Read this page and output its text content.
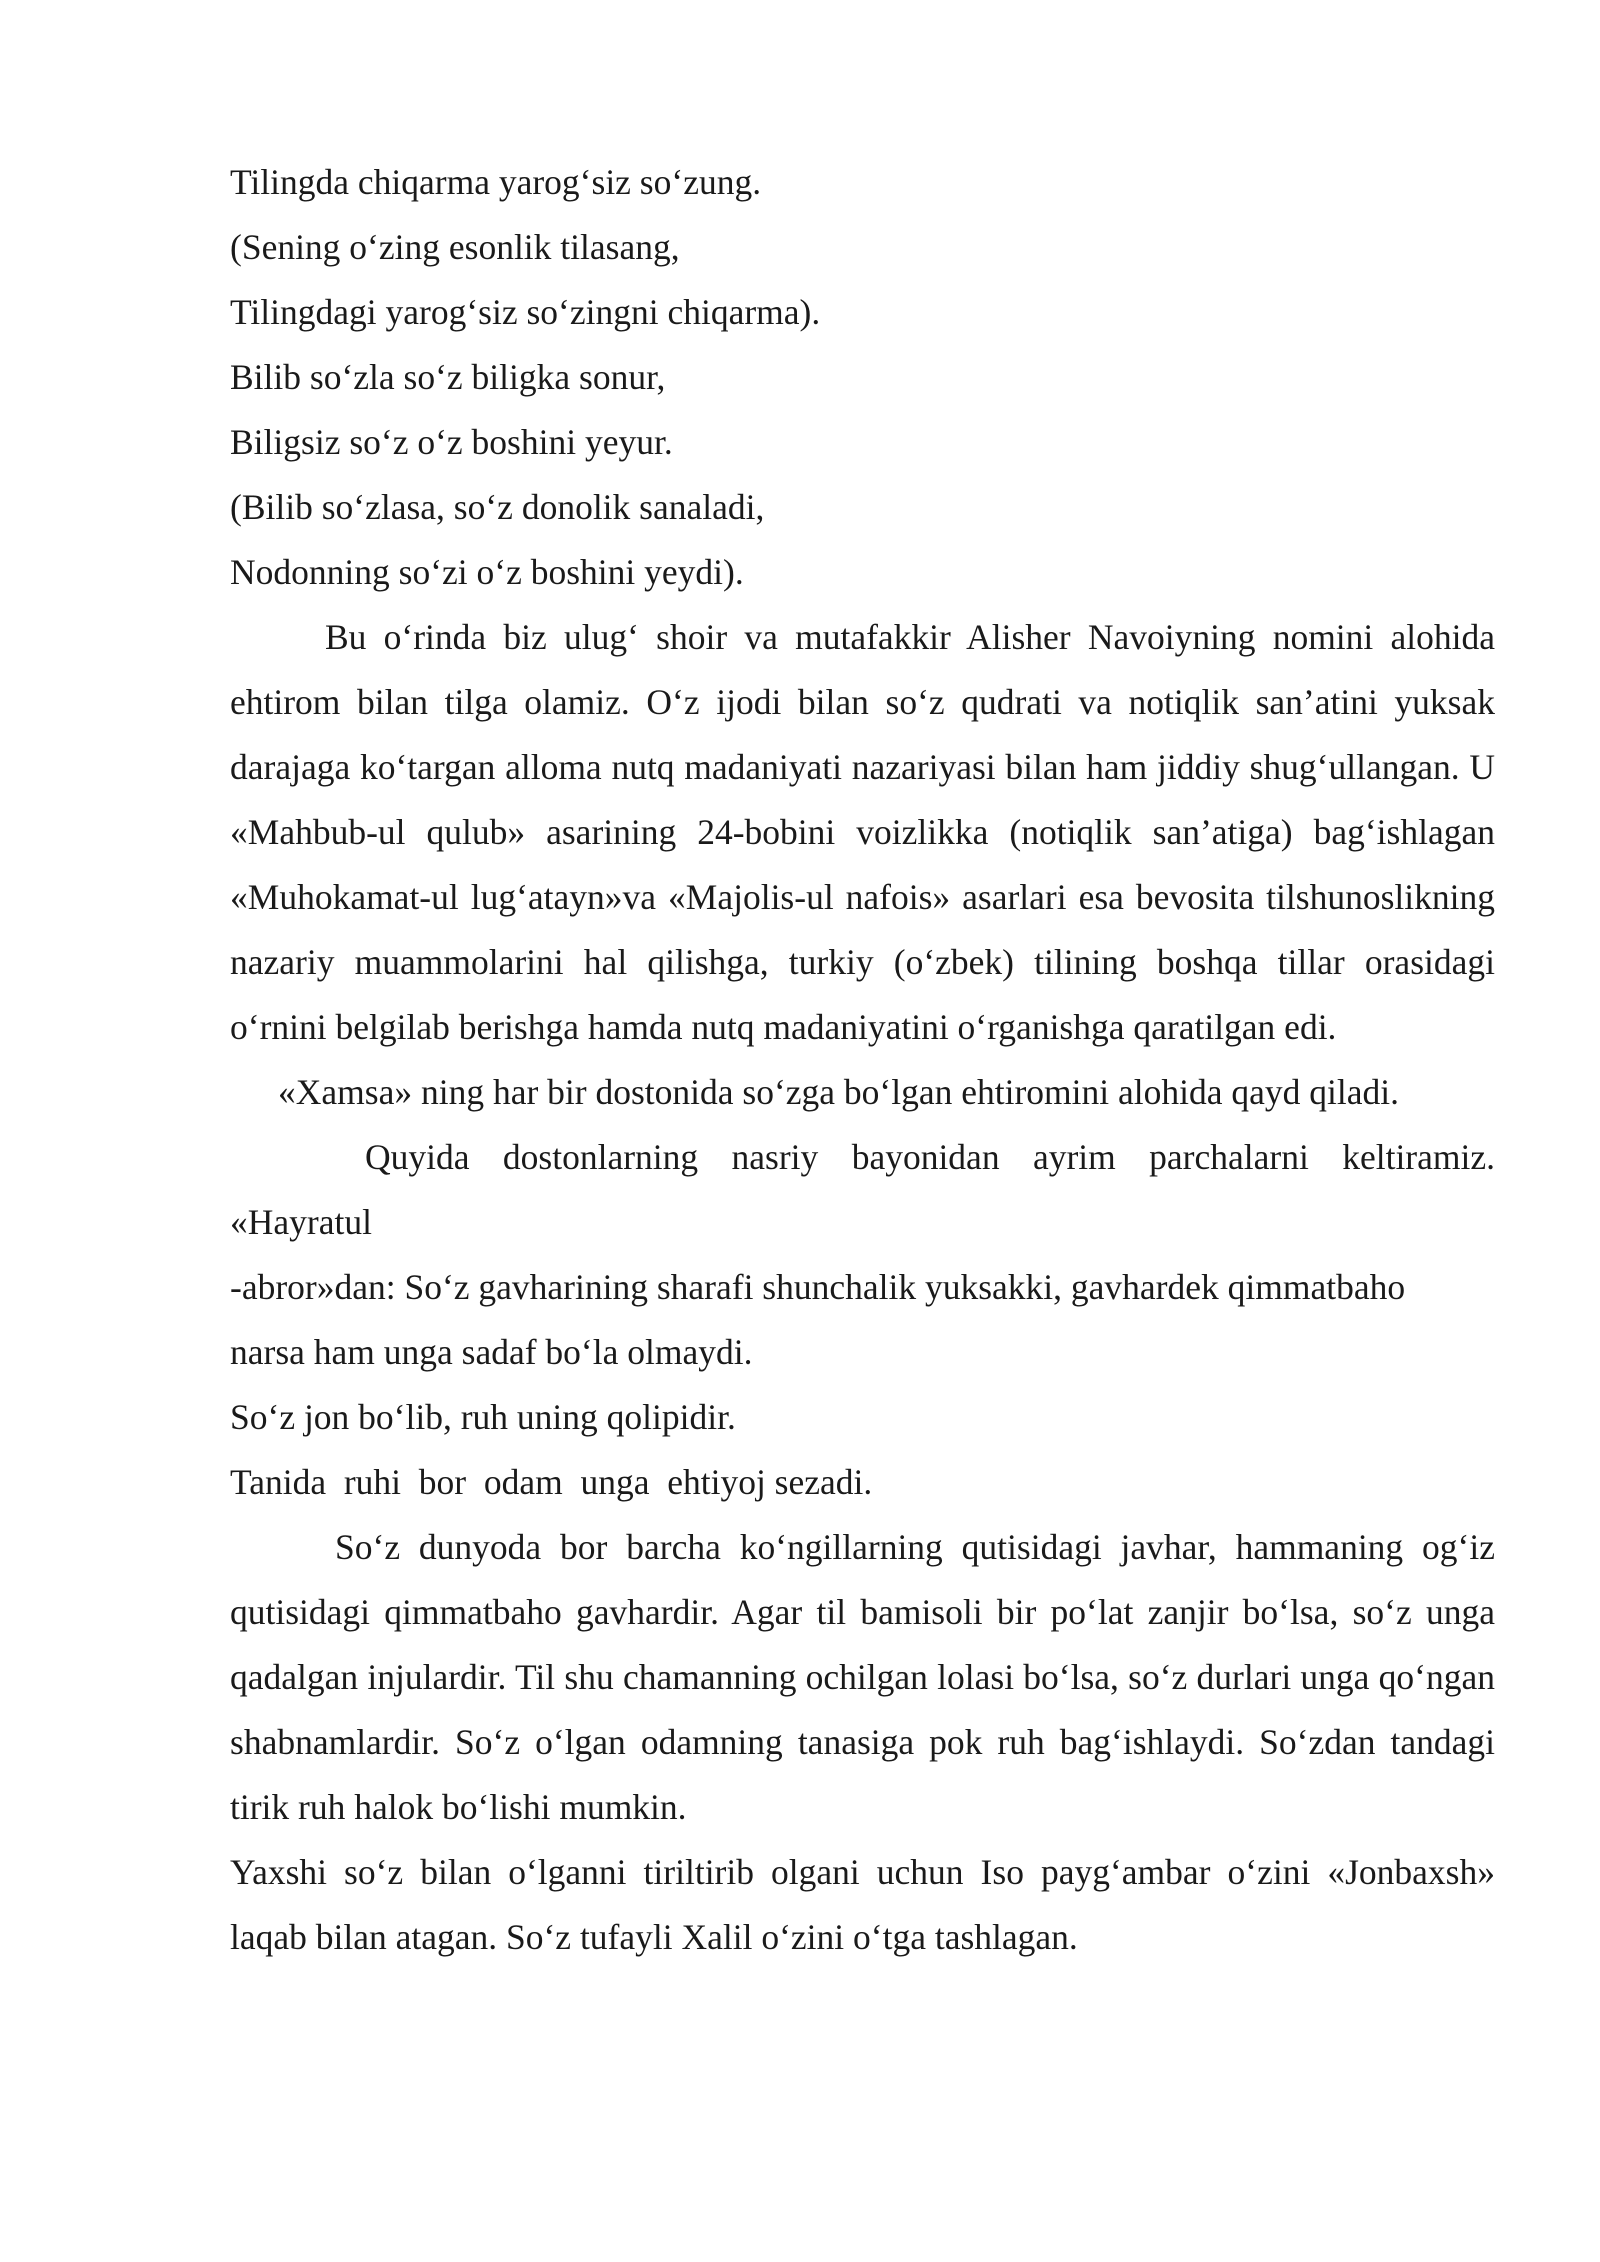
Tilingda chiqarma yarog‘siz so‘zung.
(Sening o‘zing esonlik tilasang,
Tilingdagi yarog‘siz so‘zingni chiqarma).
Bilib so‘zla so‘z biligka sonur,
Biligsiz so‘z o‘z boshini yeyur.
(Bilib so‘zlasa, so‘z donolik sanaladi,
Nodonning so‘zi o‘z boshini yeydi).

Bu o‘rinda biz ulug‘ shoir va mutafakkir Alisher Navoiyning nomini alohida ehtirom bilan tilga olamiz. O‘z ijodi bilan so‘z qudrati va notiqlik san’atini yuksak darajaga ko‘targan alloma nutq madaniyati nazariyasi bilan ham jiddiy shug‘ullangan. U «Mahbub-ul qulub» asarining 24-bobini voizlikka (notiqlik san’atiga) bag‘ishlagan «Muhokamat-ul lug‘atayn»va «Majolis-ul nafois» asarlari esa bevosita tilshunoslikning nazariy muammolarini hal qilishga, turkiy (o‘zbek) tilining boshqa tillar orasidagi o‘rnini belgilab berishga hamda nutq madaniyatini o‘rganishga qaratilgan edi.

«Xamsa» ning har bir dostonida so‘zga bo‘lgan ehtiromini alohida qayd qiladi.

Quyida dostonlarning nasriy bayonidan ayrim parchalarni keltiramiz.

«Hayratul
-abror»dan: So‘z gavharining sharafi shunchalik yuksakki, gavhardek qimmatbaho
narsa ham unga sadaf bo‘la olmaydi.
So‘z jon bo‘lib, ruh uning qolipidir.
Tanida  ruhi  bor  odam  unga  ehtiyoj sezadi.

So‘z dunyoda bor barcha ko‘ngillarning qutisidagi javhar, hammaning og‘iz qutisidagi qimmatbaho gavhardir. Agar til bamisoli bir po‘lat zanjir bo‘lsa, so‘z unga qadalgan injulardir. Til shu chamanning ochilgan lolasi bo‘lsa, so‘z durlari unga qo‘ngan shabnamlardir. So‘z o‘lgan odamning tanasiga pok ruh bag‘ishlaydi. So‘zdan tandagi tirik ruh halok bo‘lishi mumkin.

Yaxshi so‘z bilan o‘lganni tiriltirib olgani uchun Iso payg‘ambar o‘zini «Jonbaxsh» laqab bilan atagan. So‘z tufayli Xalil o‘zini o‘tga tashlagan.
